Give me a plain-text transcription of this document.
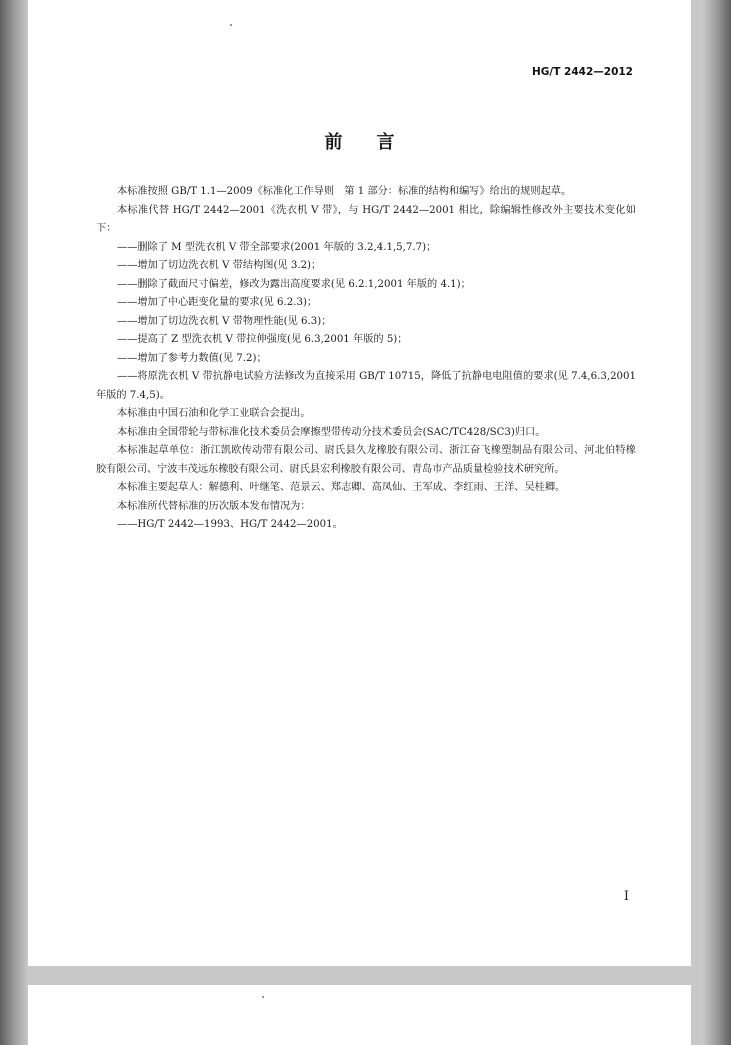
HG/T 2442—2012
前言

本标准按照 GB/T 1.1—2009《标准化工作导则　第 1 部分：标准的结构和编写》给出的规则起草。

本标准代替 HG/T 2442—2001《洗衣机 V 带》，与 HG/T 2442—2001 相比，除编辑性修改外主要技术变化如下：

——删除了 M 型洗衣机 V 带全部要求(2001 年版的 3.2,4.1,5,7.7)；

——增加了切边洗衣机 V 带结构图(见 3.2)；

——删除了截面尺寸偏差，修改为露出高度要求(见 6.2.1,2001 年版的 4.1)；

——增加了中心距变化量的要求(见 6.2.3)；

——增加了切边洗衣机 V 带物理性能(见 6.3)；

——提高了 Z 型洗衣机 V 带拉伸强度(见 6.3,2001 年版的 5)；

——增加了参考力数值(见 7.2)；

——将原洗衣机 V 带抗静电试验方法修改为直接采用 GB/T 10715，降低了抗静电电阻值的要求(见 7.4,6.3,2001 年版的 7.4,5)。

本标准由中国石油和化学工业联合会提出。

本标准由全国带轮与带标准化技术委员会摩擦型带传动分技术委员会(SAC/TC428/SC3)归口。

本标准起草单位：浙江凯欧传动带有限公司、尉氏县久龙橡胶有限公司、浙江奋飞橡塑制品有限公司、河北伯特橡胶有限公司、宁波丰茂远东橡胶有限公司、尉氏县宏利橡胶有限公司、青岛市产品质量检验技术研究所。

本标准主要起草人：解德利、叶继笔、范景云、郑志卿、高凤仙、王军成、李红雨、王洋、吴桂卿。

本标准所代替标准的历次版本发布情况为：

——HG/T 2442—1993、HG/T 2442—2001。

I
